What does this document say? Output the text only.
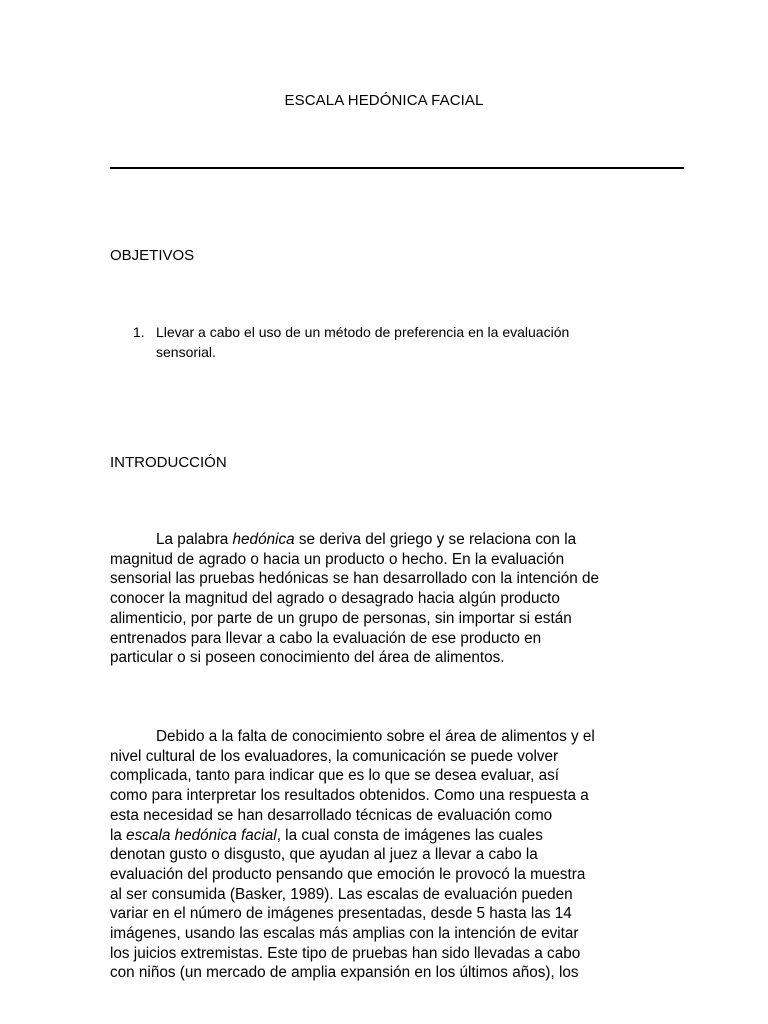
ESCALA HEDÓNICA FACIAL
OBJETIVOS
1. Llevar a cabo el uso de un método de preferencia en la evaluación
sensorial.
INTRODUCCIÓN
La palabra hedónica se deriva del griego y se relaciona con la
magnitud de agrado o hacia un producto o hecho. En la evaluación
sensorial las pruebas hedónicas se han desarrollado con la intención de
conocer la magnitud del agrado o desagrado hacia algún producto
alimenticio, por parte de un grupo de personas, sin importar si están
entrenados para llevar a cabo la evaluación de ese producto en
particular o si poseen conocimiento del área de alimentos.
Debido a la falta de conocimiento sobre el área de alimentos y el
nivel cultural de los evaluadores, la comunicación se puede volver
complicada, tanto para indicar que es lo que se desea evaluar, así
como para interpretar los resultados obtenidos. Como una respuesta a
esta necesidad se han desarrollado técnicas de evaluación como
la escala hedónica facial, la cual consta de imágenes las cuales
denotan gusto o disgusto, que ayudan al juez a llevar a cabo la
evaluación del producto pensando que emoción le provocó la muestra
al ser consumida (Basker, 1989). Las escalas de evaluación pueden
variar en el número de imágenes presentadas, desde 5 hasta las 14
imágenes, usando las escalas más amplias con la intención de evitar
los juicios extremistas. Este tipo de pruebas han sido llevadas a cabo
con niños (un mercado de amplia expansión en los últimos años), los
